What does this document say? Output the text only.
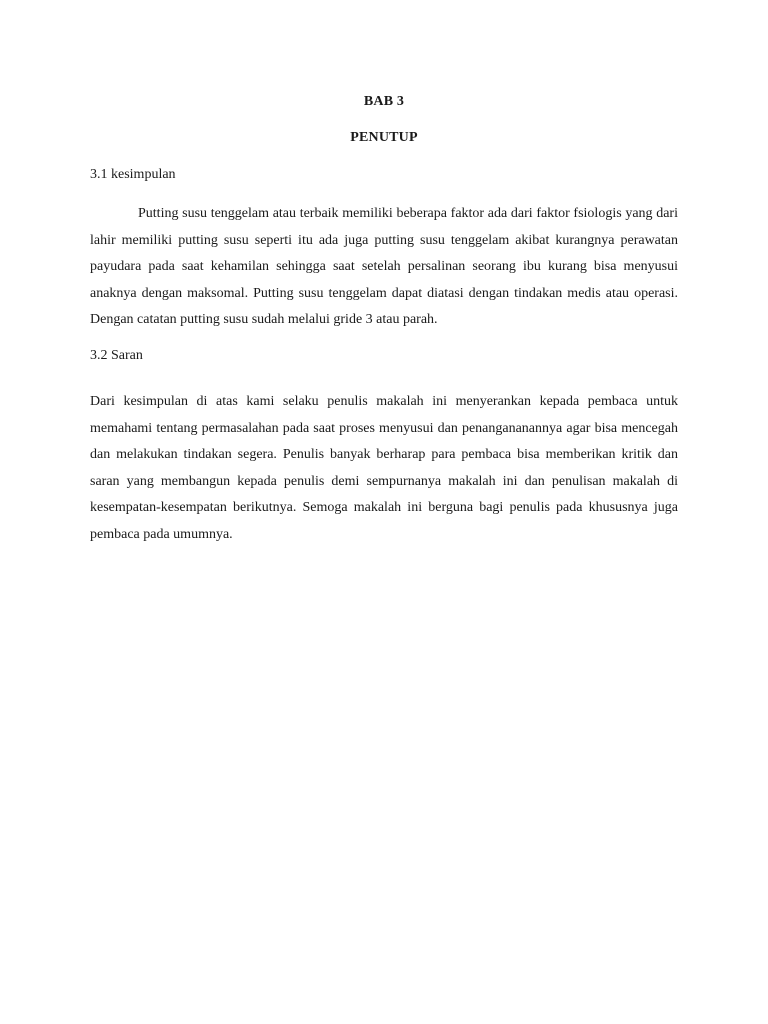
BAB 3
PENUTUP
3.1 kesimpulan

Putting susu tenggelam atau terbaik memiliki beberapa faktor ada dari faktor fsiologis yang dari lahir memiliki putting susu seperti itu ada juga putting susu tenggelam akibat kurangnya perawatan payudara pada saat kehamilan sehingga saat setelah persalinan seorang ibu kurang bisa menyusui anaknya dengan maksomal. Putting susu tenggelam dapat diatasi dengan tindakan medis atau operasi. Dengan catatan putting susu sudah melalui gride 3 atau parah.

3.2 Saran

Dari kesimpulan di atas kami selaku penulis makalah ini menyerankan kepada pembaca untuk memahami tentang permasalahan pada saat proses menyusui dan penangananannya agar bisa mencegah dan melakukan tindakan segera. Penulis banyak berharap para pembaca bisa memberikan kritik dan saran yang membangun kepada penulis demi sempurnanya makalah ini dan penulisan makalah di kesempatan-kesempatan berikutnya. Semoga makalah ini berguna bagi penulis pada khususnya juga pembaca pada umumnya.
